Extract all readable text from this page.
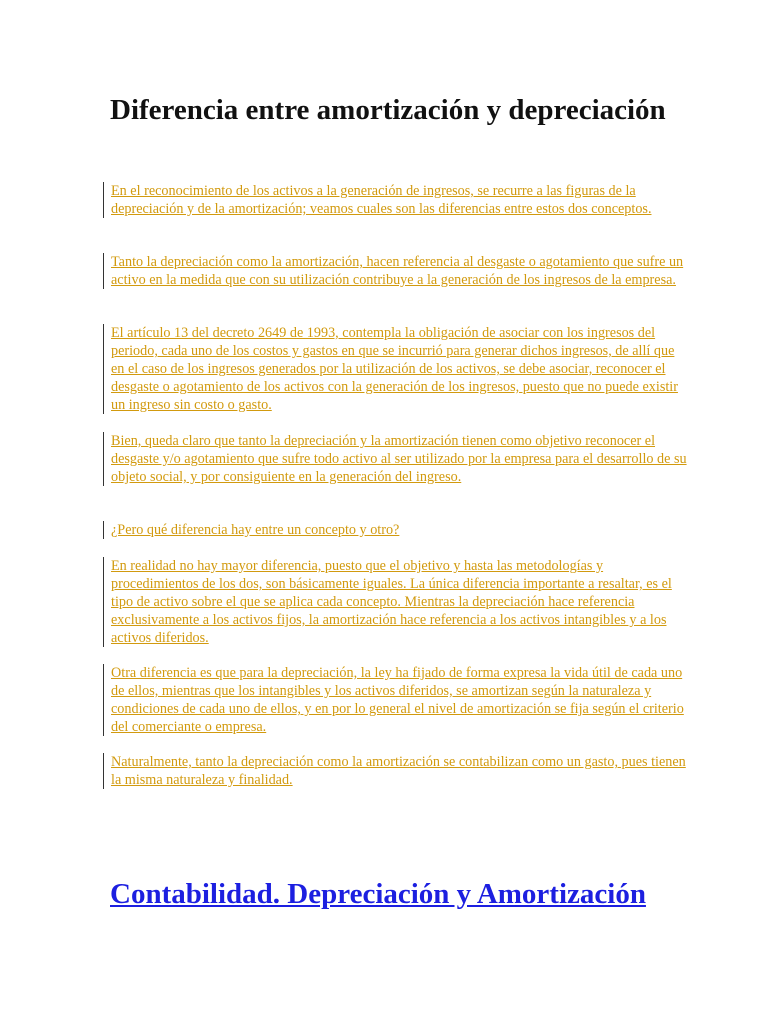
Diferencia entre amortización y depreciación

En el reconocimiento de los activos a la generación de ingresos, se recurre a las figuras de la depreciación y de la amortización; veamos cuales son las diferencias entre estos dos conceptos.

Tanto la depreciación como la amortización, hacen referencia al desgaste o agotamiento que sufre un activo en la medida que con su utilización contribuye a la generación de los ingresos de la empresa.

El artículo 13 del decreto 2649 de 1993, contempla la obligación de asociar con los ingresos del periodo, cada uno de los costos y gastos en que se incurrió para generar dichos ingresos, de allí que en el caso de los ingresos generados por la utilización de los activos, se debe asociar, reconocer el desgaste o agotamiento de los activos con la generación de los ingresos, puesto que no puede existir un ingreso sin costo o gasto.

Bien, queda claro que tanto la depreciación y la amortización tienen como objetivo reconocer el desgaste y/o agotamiento que sufre todo activo al ser utilizado por la empresa para el desarrollo de su objeto social, y por consiguiente en la generación del ingreso.

¿Pero qué diferencia hay entre un concepto y otro?

En realidad no hay mayor diferencia, puesto que el objetivo y hasta las metodologías y procedimientos de los dos, son básicamente iguales. La única diferencia importante a resaltar, es el tipo de activo sobre el que se aplica cada concepto. Mientras la depreciación hace referencia exclusivamente a los activos fijos, la amortización hace referencia a los activos intangibles y a los activos diferidos.

Otra diferencia es que para la depreciación, la ley ha fijado de forma expresa la vida útil de cada uno de ellos, mientras que los intangibles y los activos diferidos, se amortizan según la naturaleza y condiciones de cada uno de ellos, y en por lo general el nivel de amortización se fija según el criterio del comerciante o empresa.

Naturalmente, tanto la depreciación como la amortización se contabilizan como un gasto, pues tienen la misma naturaleza y finalidad.

Contabilidad. Depreciación y Amortización
